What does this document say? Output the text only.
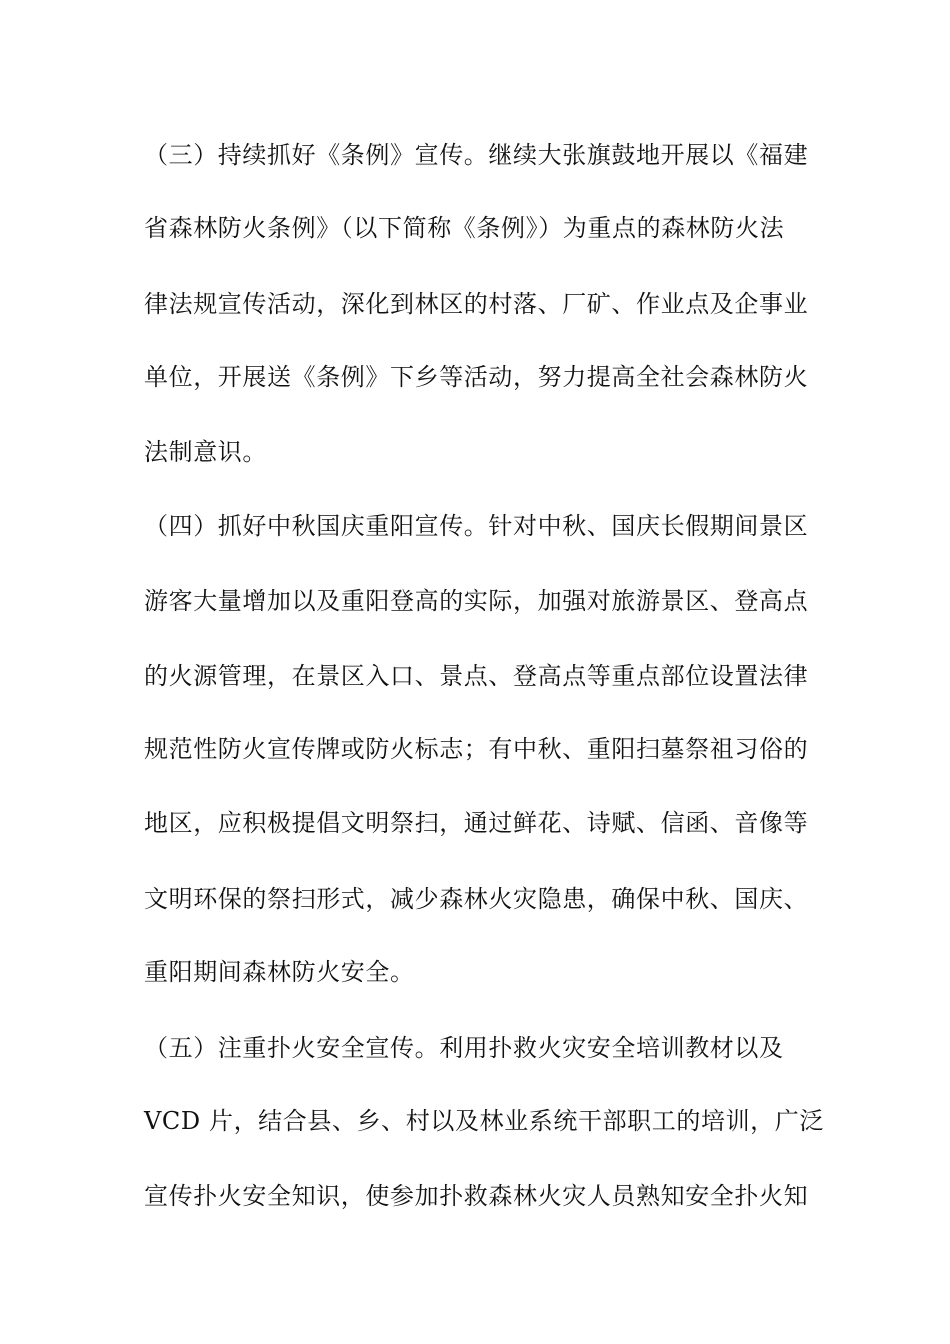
（三）持续抓好《条例》宣传。继续大张旗鼓地开展以《福建
省森林防火条例》（以下简称《条例》）为重点的森林防火法
律法规宣传活动，深化到林区的村落、厂矿、作业点及企事业
单位，开展送《条例》下乡等活动，努力提高全社会森林防火
法制意识。
（四）抓好中秋国庆重阳宣传。针对中秋、国庆长假期间景区
游客大量增加以及重阳登高的实际，加强对旅游景区、登高点
的火源管理，在景区入口、景点、登高点等重点部位设置法律
规范性防火宣传牌或防火标志；有中秋、重阳扫墓祭祖习俗的
地区，应积极提倡文明祭扫，通过鲜花、诗赋、信函、音像等
文明环保的祭扫形式，减少森林火灾隐患，确保中秋、国庆、
重阳期间森林防火安全。
（五）注重扑火安全宣传。利用扑救火灾安全培训教材以及
VCD 片，结合县、乡、村以及林业系统干部职工的培训，广泛
宣传扑火安全知识，使参加扑救森林火灾人员熟知安全扑火知
